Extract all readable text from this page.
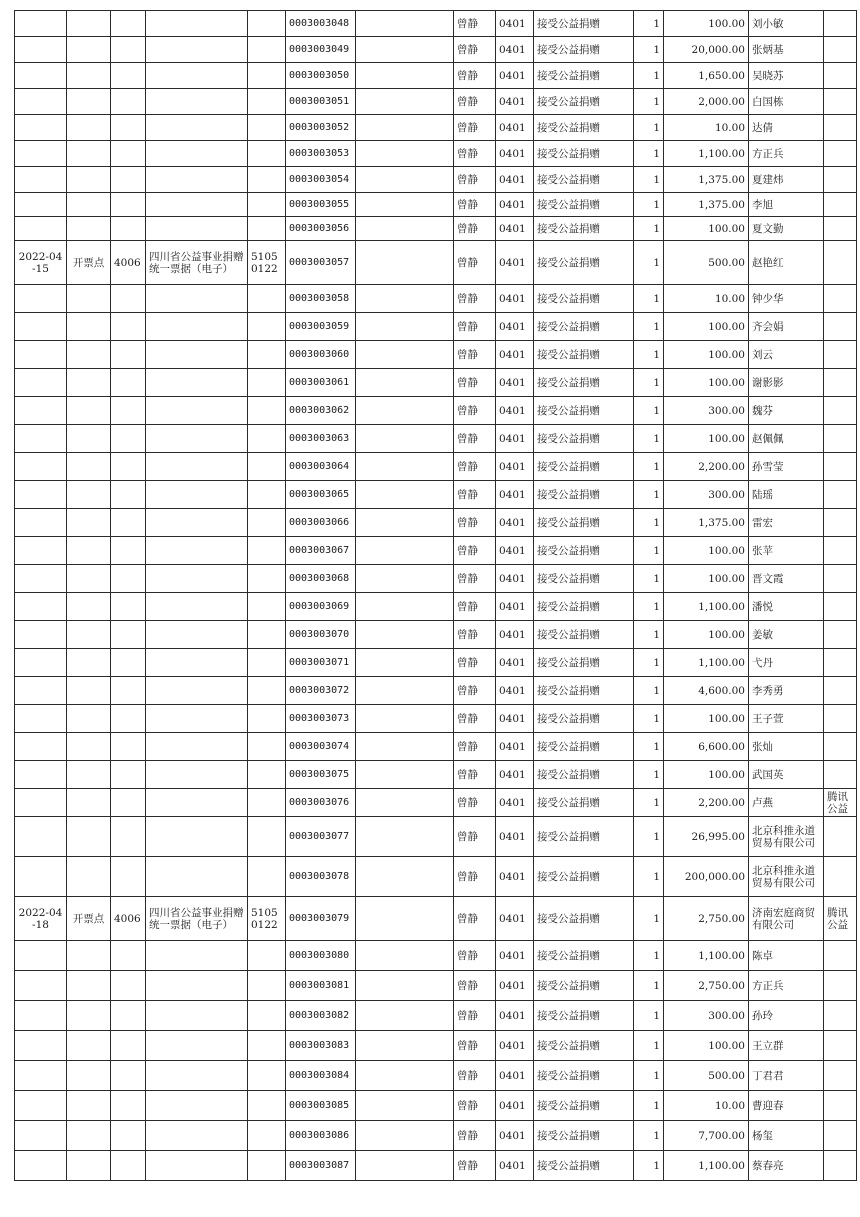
					0003003048		曾静	0401	接受公益捐赠	1	100.00	刘小敏	

					0003003049		曾静	0401	接受公益捐赠	1	20,000.00	张炳基	

					0003003050		曾静	0401	接受公益捐赠	1	1,650.00	吴晓苏	

					0003003051		曾静	0401	接受公益捐赠	1	2,000.00	白国栋	

					0003003052		曾静	0401	接受公益捐赠	1	10.00	达倩	

					0003003053		曾静	0401	接受公益捐赠	1	1,100.00	方正兵	

					0003003054		曾静	0401	接受公益捐赠	1	1,375.00	夏建炜	

					0003003055		曾静	0401	接受公益捐赠	1	1,375.00	李旭	

					0003003056		曾静	0401	接受公益捐赠	1	100.00	夏文勤	

2022-04-15	开票点	4006	四川省公益事业捐赠统一票据（电子）	51050122	0003003057		曾静	0401	接受公益捐赠	1	500.00	赵艳红	

					0003003058		曾静	0401	接受公益捐赠	1	10.00	钟少华	

					0003003059		曾静	0401	接受公益捐赠	1	100.00	齐会娟	

					0003003060		曾静	0401	接受公益捐赠	1	100.00	刘云	

					0003003061		曾静	0401	接受公益捐赠	1	100.00	谢影影	

					0003003062		曾静	0401	接受公益捐赠	1	300.00	魏芬	

					0003003063		曾静	0401	接受公益捐赠	1	100.00	赵佩佩	

					0003003064		曾静	0401	接受公益捐赠	1	2,200.00	孙雪莹	

					0003003065		曾静	0401	接受公益捐赠	1	300.00	陆瑶	

					0003003066		曾静	0401	接受公益捐赠	1	1,375.00	雷宏	

					0003003067		曾静	0401	接受公益捐赠	1	100.00	张苹	

					0003003068		曾静	0401	接受公益捐赠	1	100.00	晋文霞	

					0003003069		曾静	0401	接受公益捐赠	1	1,100.00	潘悦	

					0003003070		曾静	0401	接受公益捐赠	1	100.00	姜敏	

					0003003071		曾静	0401	接受公益捐赠	1	1,100.00	弋丹	

					0003003072		曾静	0401	接受公益捐赠	1	4,600.00	李秀勇	

					0003003073		曾静	0401	接受公益捐赠	1	100.00	王子萱	

					0003003074		曾静	0401	接受公益捐赠	1	6,600.00	张灿	

					0003003075		曾静	0401	接受公益捐赠	1	100.00	武国英	

					0003003076		曾静	0401	接受公益捐赠	1	2,200.00	卢燕	腾讯公益

					0003003077		曾静	0401	接受公益捐赠	1	26,995.00	北京科推永道贸易有限公司	

					0003003078		曾静	0401	接受公益捐赠	1	200,000.00	北京科推永道贸易有限公司	

2022-04-18	开票点	4006	四川省公益事业捐赠统一票据（电子）	51050122	0003003079		曾静	0401	接受公益捐赠	1	2,750.00	济南宏庭商贸有限公司	腾讯公益

					0003003080		曾静	0401	接受公益捐赠	1	1,100.00	陈卓	

					0003003081		曾静	0401	接受公益捐赠	1	2,750.00	方正兵	

					0003003082		曾静	0401	接受公益捐赠	1	300.00	孙玲	

					0003003083		曾静	0401	接受公益捐赠	1	100.00	王立群	

					0003003084		曾静	0401	接受公益捐赠	1	500.00	丁君君	

					0003003085		曾静	0401	接受公益捐赠	1	10.00	曹迎春	

					0003003086		曾静	0401	接受公益捐赠	1	7,700.00	杨玺	

					0003003087		曾静	0401	接受公益捐赠	1	1,100.00	蔡春亮	
